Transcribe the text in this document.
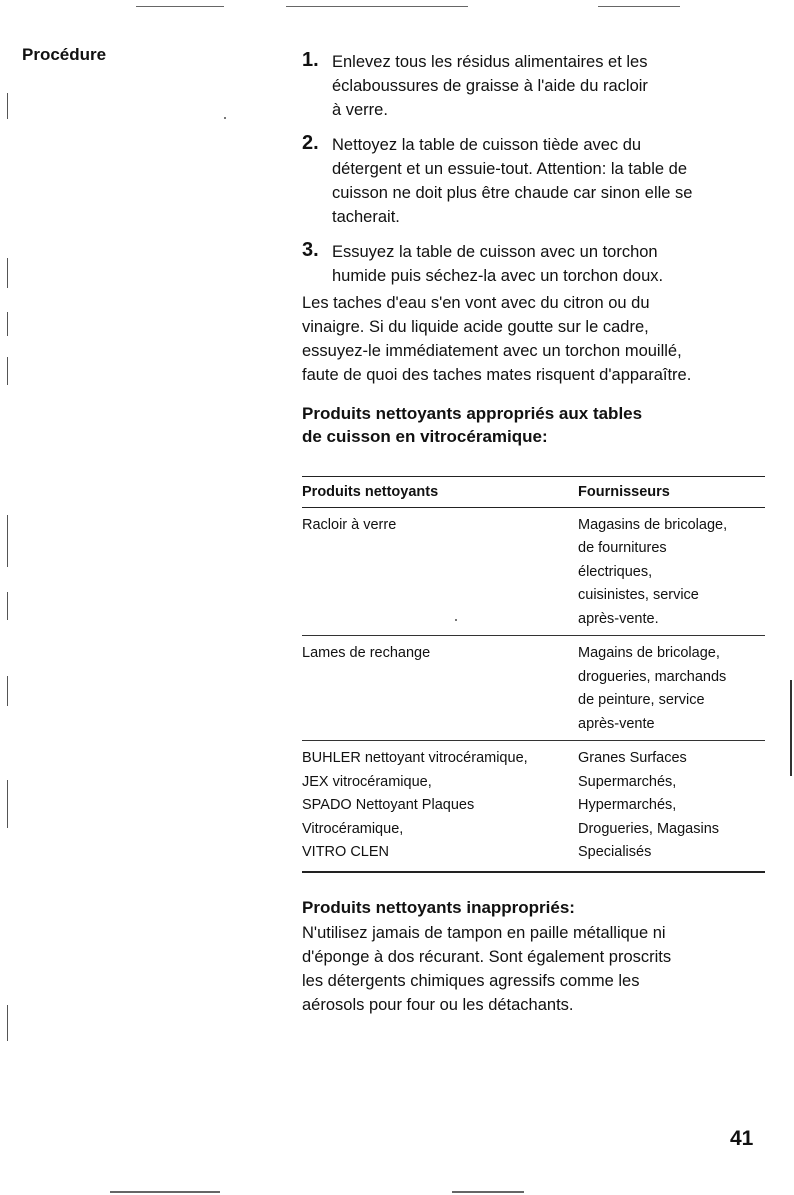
Procédure	1. Enlevez tous les résidus alimentaires et les
éclaboussures de graisse à l'aide du racloir
à verre.
2. Nettoyez la table de cuisson tiède avec du
détergent et un essuie-tout. Attention: la table de
cuisson ne doit plus être chaude car sinon elle se
tacherait.
3. Essuyez la table de cuisson avec un torchon
humide puis séchez-la avec un torchon doux.

Les taches d'eau s'en vont avec du citron ou du
vinaigre. Si du liquide acide goutte sur le cadre,
essuyez-le immédiatement avec un torchon mouillé,
faute de quoi des taches mates risquent d'apparaître.

Produits nettoyants appropriés aux tables
de cuisson en vitrocéramique:
Produits nettoyants	Fournisseurs

Racloir à verre	Magasins de bricolage,
de fournitures
électriques,
cuisinistes, service
après-vente.

Lames de rechange	Magains de bricolage,
drogueries, marchands
de peinture, service
après-vente

BUHLER nettoyant vitrocéramique,
JEX vitrocéramique,
SPADO Nettoyant Plaques
Vitrocéramique,
VITRO CLEN	Granes Surfaces
Supermarchés,
Hypermarchés,
Drogueries, Magasins
Specialisés
Produits nettoyants inappropriés:

N'utilisez jamais de tampon en paille métallique ni
d'éponge à dos récurant. Sont également proscrits
les détergents chimiques agressifs comme les
aérosols pour four ou les détachants.

41
